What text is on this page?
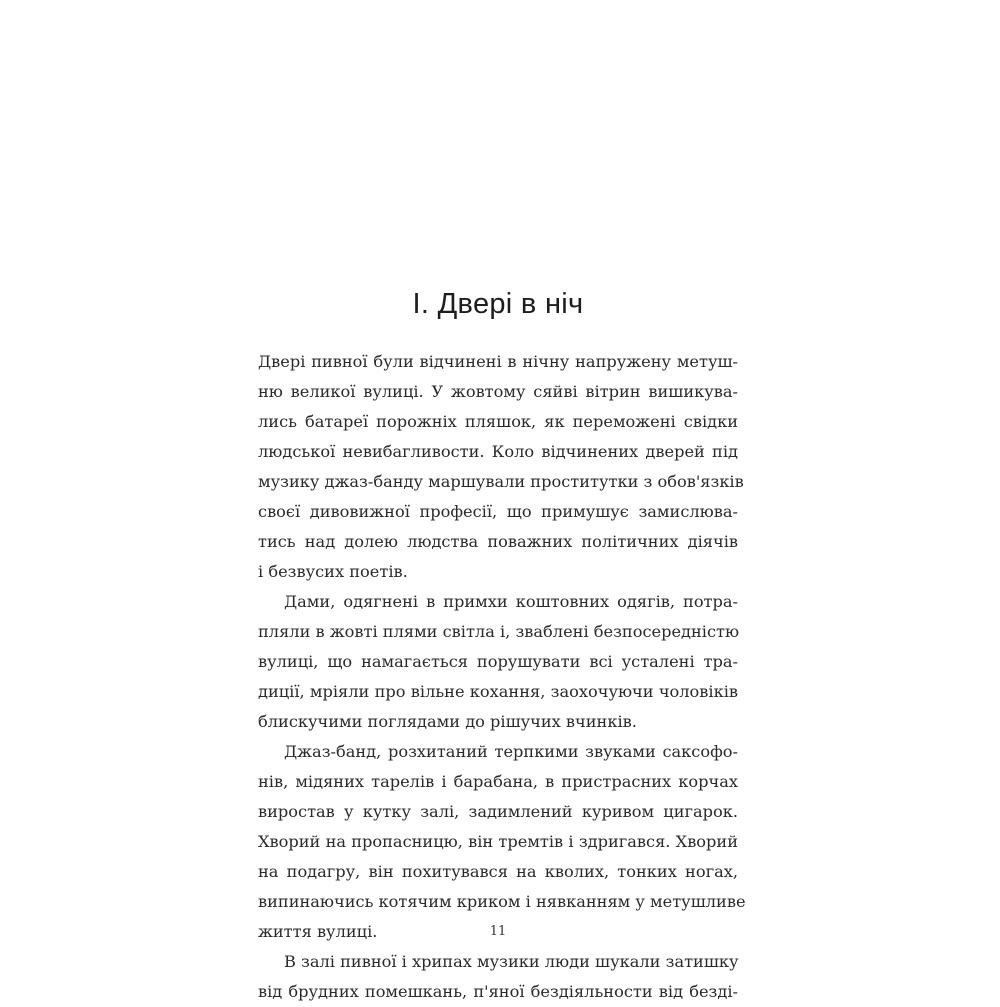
I. Двері в ніч
Двері пивної були відчинені в нічну напружену метуш-
ню великої вулиці. У жовтому сяйві вітрин вишикува-
лись батареї порожніх пляшок, як переможені свідки
людської невибагливости. Коло відчинених дверей під
музику джаз-банду маршували проститутки з обов'язків
своєї дивовижної професії, що примушує замислюва-
тись над долею людства поважних політичних діячів
і безвусих поетів.
Дами, одягнені в примхи коштовних одягів, потра-
пляли в жовті плями світла і, звабленi безпосередністю
вулиці, що намагається порушувати всі усталені тра-
диції, мріяли про вільне кохання, заохочуючи чоловіків
блискучими поглядами до рішучих вчинків.
Джаз-банд, розхитаний терпкими звуками саксофо-
нів, мідяних тарелів і барабана, в пристрасних корчах
виростав у кутку залі, задимлений куривом цигарок.
Хворий на пропасницю, він тремтів і здригався. Хворий
на подагру, він похитувався на кволих, тонких ногах,
випинаючись котячим криком і нявканням у метушливе
життя вулиці.
В залі пивної і хрипах музики люди шукали затишку
від брудних помешкань, п'яної бездіяльности від безді-

11
